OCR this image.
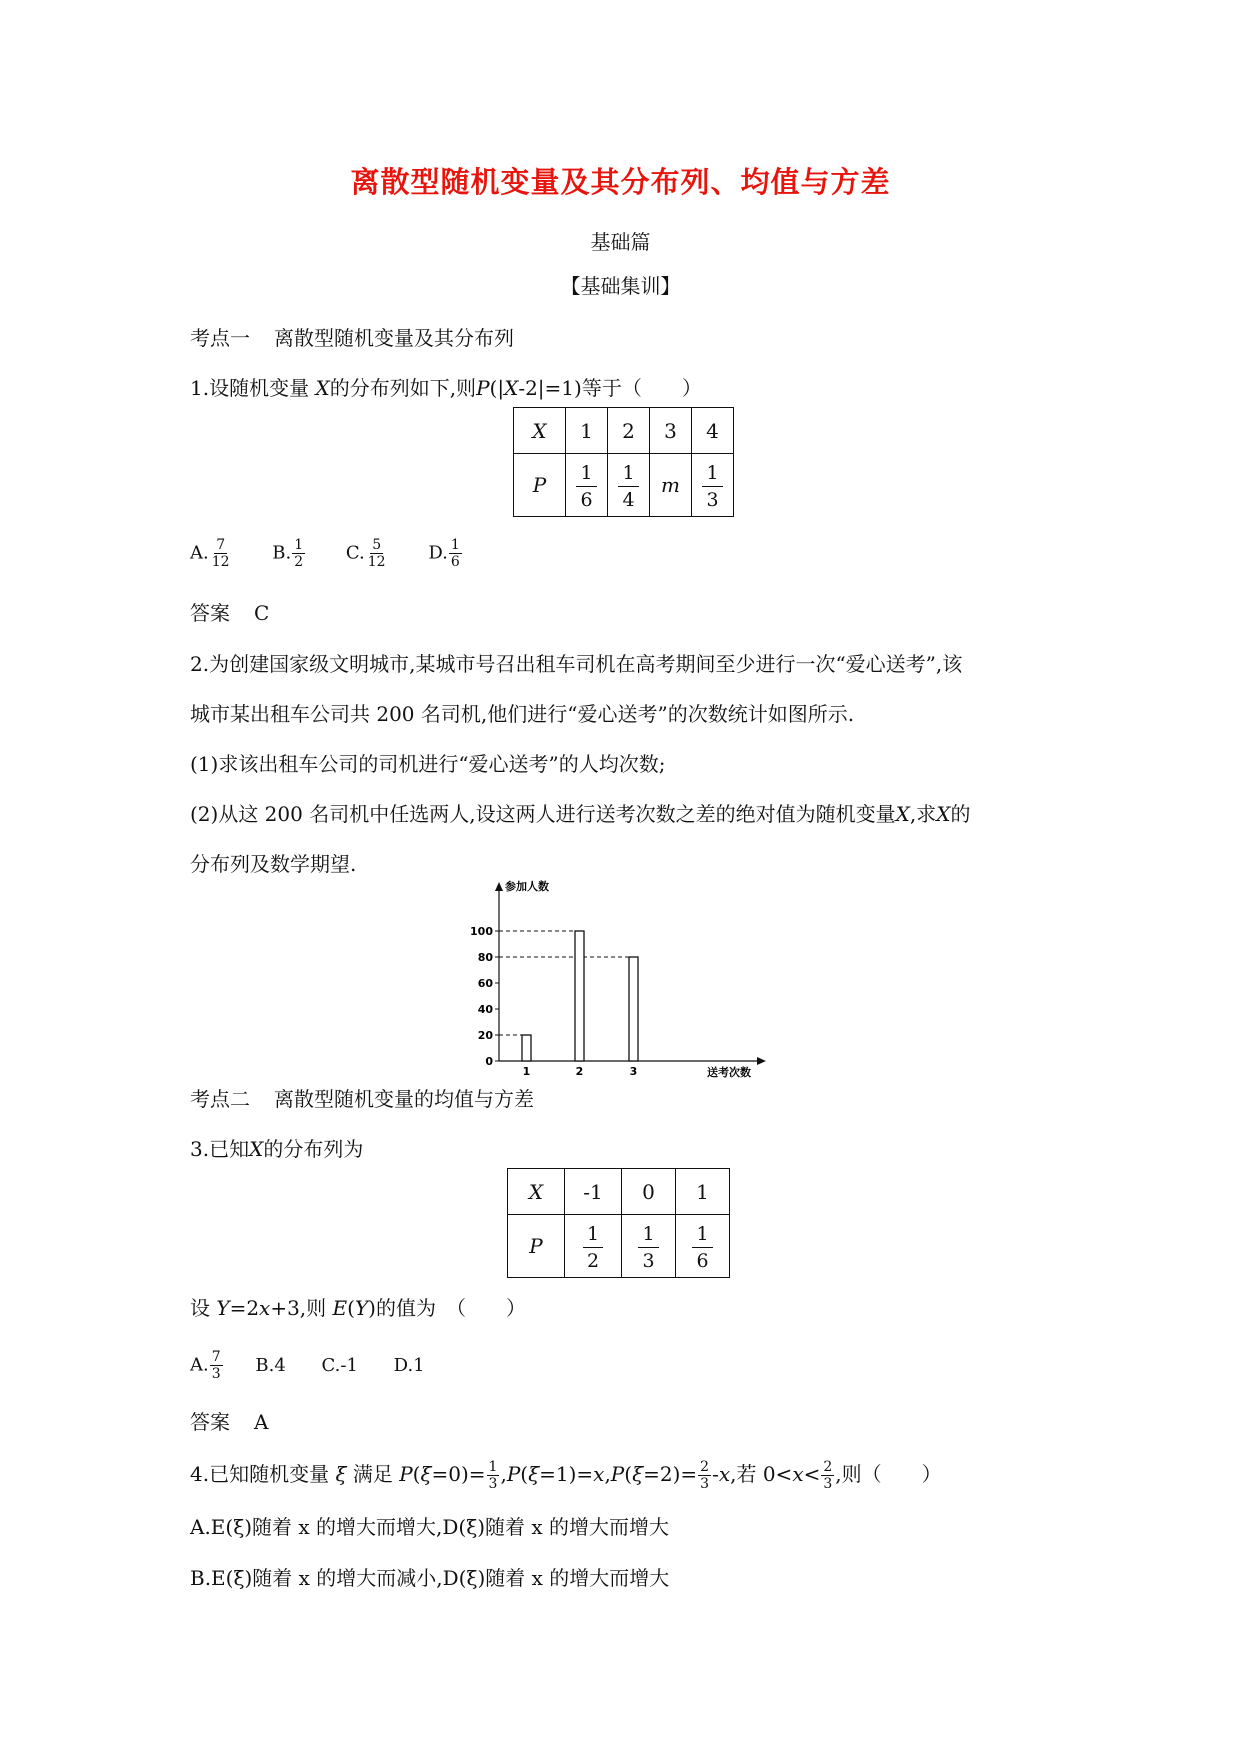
离散型随机变量及其分布列、均值与方差
基础篇
【基础集训】
考点一 离散型随机变量及其分布列
1.设随机变量 X的分布列如下,则P(|X-2|=1)等于（　　）
X	1	2	3	4
P	$\frac{1}{6}$	$\frac{1}{4}$	m	$\frac{1}{3}$
A. $\frac{7}{12} B$. $\frac{1}{2} C$. $\frac{5}{12} D$. $\frac{1}{6}$
答案 C
2.为创建国家级文明城市,某城市号召出租车司机在高考期间至少进行一次“爱心送考”,该
城市某出租车公司共 200 名司机,他们进行“爱心送考”的次数统计如图所示.
(1)求该出租车公司的司机进行“爱心送考”的人均次数;
(2)从这 200 名司机中任选两人,设这两人进行送考次数之差的绝对值为随机变量X,求X的
分布列及数学期望.
参加人数
送考次数
0
20
40
60
80
100
1	2	3
考点二 离散型随机变量的均值与方差
3.已知X的分布列为
X	-1	0	1
P	$\frac{1}{2}$	$\frac{1}{3}$	$\frac{1}{6}$
设 Y=2x+3,则 E(Y)的值为　（　　）
A. $\frac{7}{3} B.4$ C.-1 D.1
答案 A
4.已知随机变量 ξ 满足 $P(\xi=0)= \frac{1}{3} ,P(\xi=1)=x,P(\xi=2)= \frac{2}{3} -x$,若 $0<x< \frac{2}{3}$ ,则（　　）
A.E(ξ)随着 x 的增大而增大,D(ξ)随着 x 的增大而增大
B.E(ξ)随着 x 的增大而减小,D(ξ)随着 x 的增大而增大
